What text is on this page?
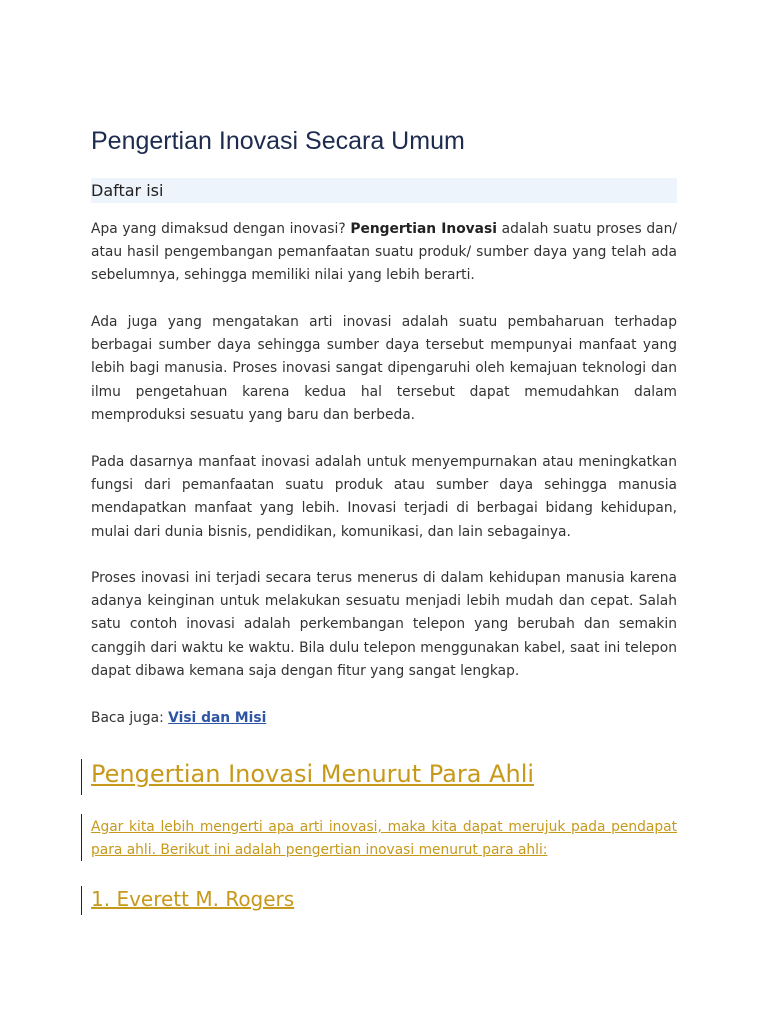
Pengertian Inovasi Secara Umum
Daftar isi

Apa yang dimaksud dengan inovasi? Pengertian Inovasi adalah suatu proses dan/ atau hasil pengembangan pemanfaatan suatu produk/ sumber daya yang telah ada sebelumnya, sehingga memiliki nilai yang lebih berarti.

Ada juga yang mengatakan arti inovasi adalah suatu pembaharuan terhadap berbagai sumber daya sehingga sumber daya tersebut mempunyai manfaat yang lebih bagi manusia. Proses inovasi sangat dipengaruhi oleh kemajuan teknologi dan ilmu pengetahuan karena kedua hal tersebut dapat memudahkan dalam memproduksi sesuatu yang baru dan berbeda.

Pada dasarnya manfaat inovasi adalah untuk menyempurnakan atau meningkatkan fungsi dari pemanfaatan suatu produk atau sumber daya sehingga manusia mendapatkan manfaat yang lebih. Inovasi terjadi di berbagai bidang kehidupan, mulai dari dunia bisnis, pendidikan, komunikasi, dan lain sebagainya.

Proses inovasi ini terjadi secara terus menerus di dalam kehidupan manusia karena adanya keinginan untuk melakukan sesuatu menjadi lebih mudah dan cepat. Salah satu contoh inovasi adalah perkembangan telepon yang berubah dan semakin canggih dari waktu ke waktu. Bila dulu telepon menggunakan kabel, saat ini telepon dapat dibawa kemana saja dengan fitur yang sangat lengkap.

Baca juga: Visi dan Misi

Pengertian Inovasi Menurut Para Ahli

Agar kita lebih mengerti apa arti inovasi, maka kita dapat merujuk pada pendapat para ahli. Berikut ini adalah pengertian inovasi menurut para ahli:

1. Everett M. Rogers
